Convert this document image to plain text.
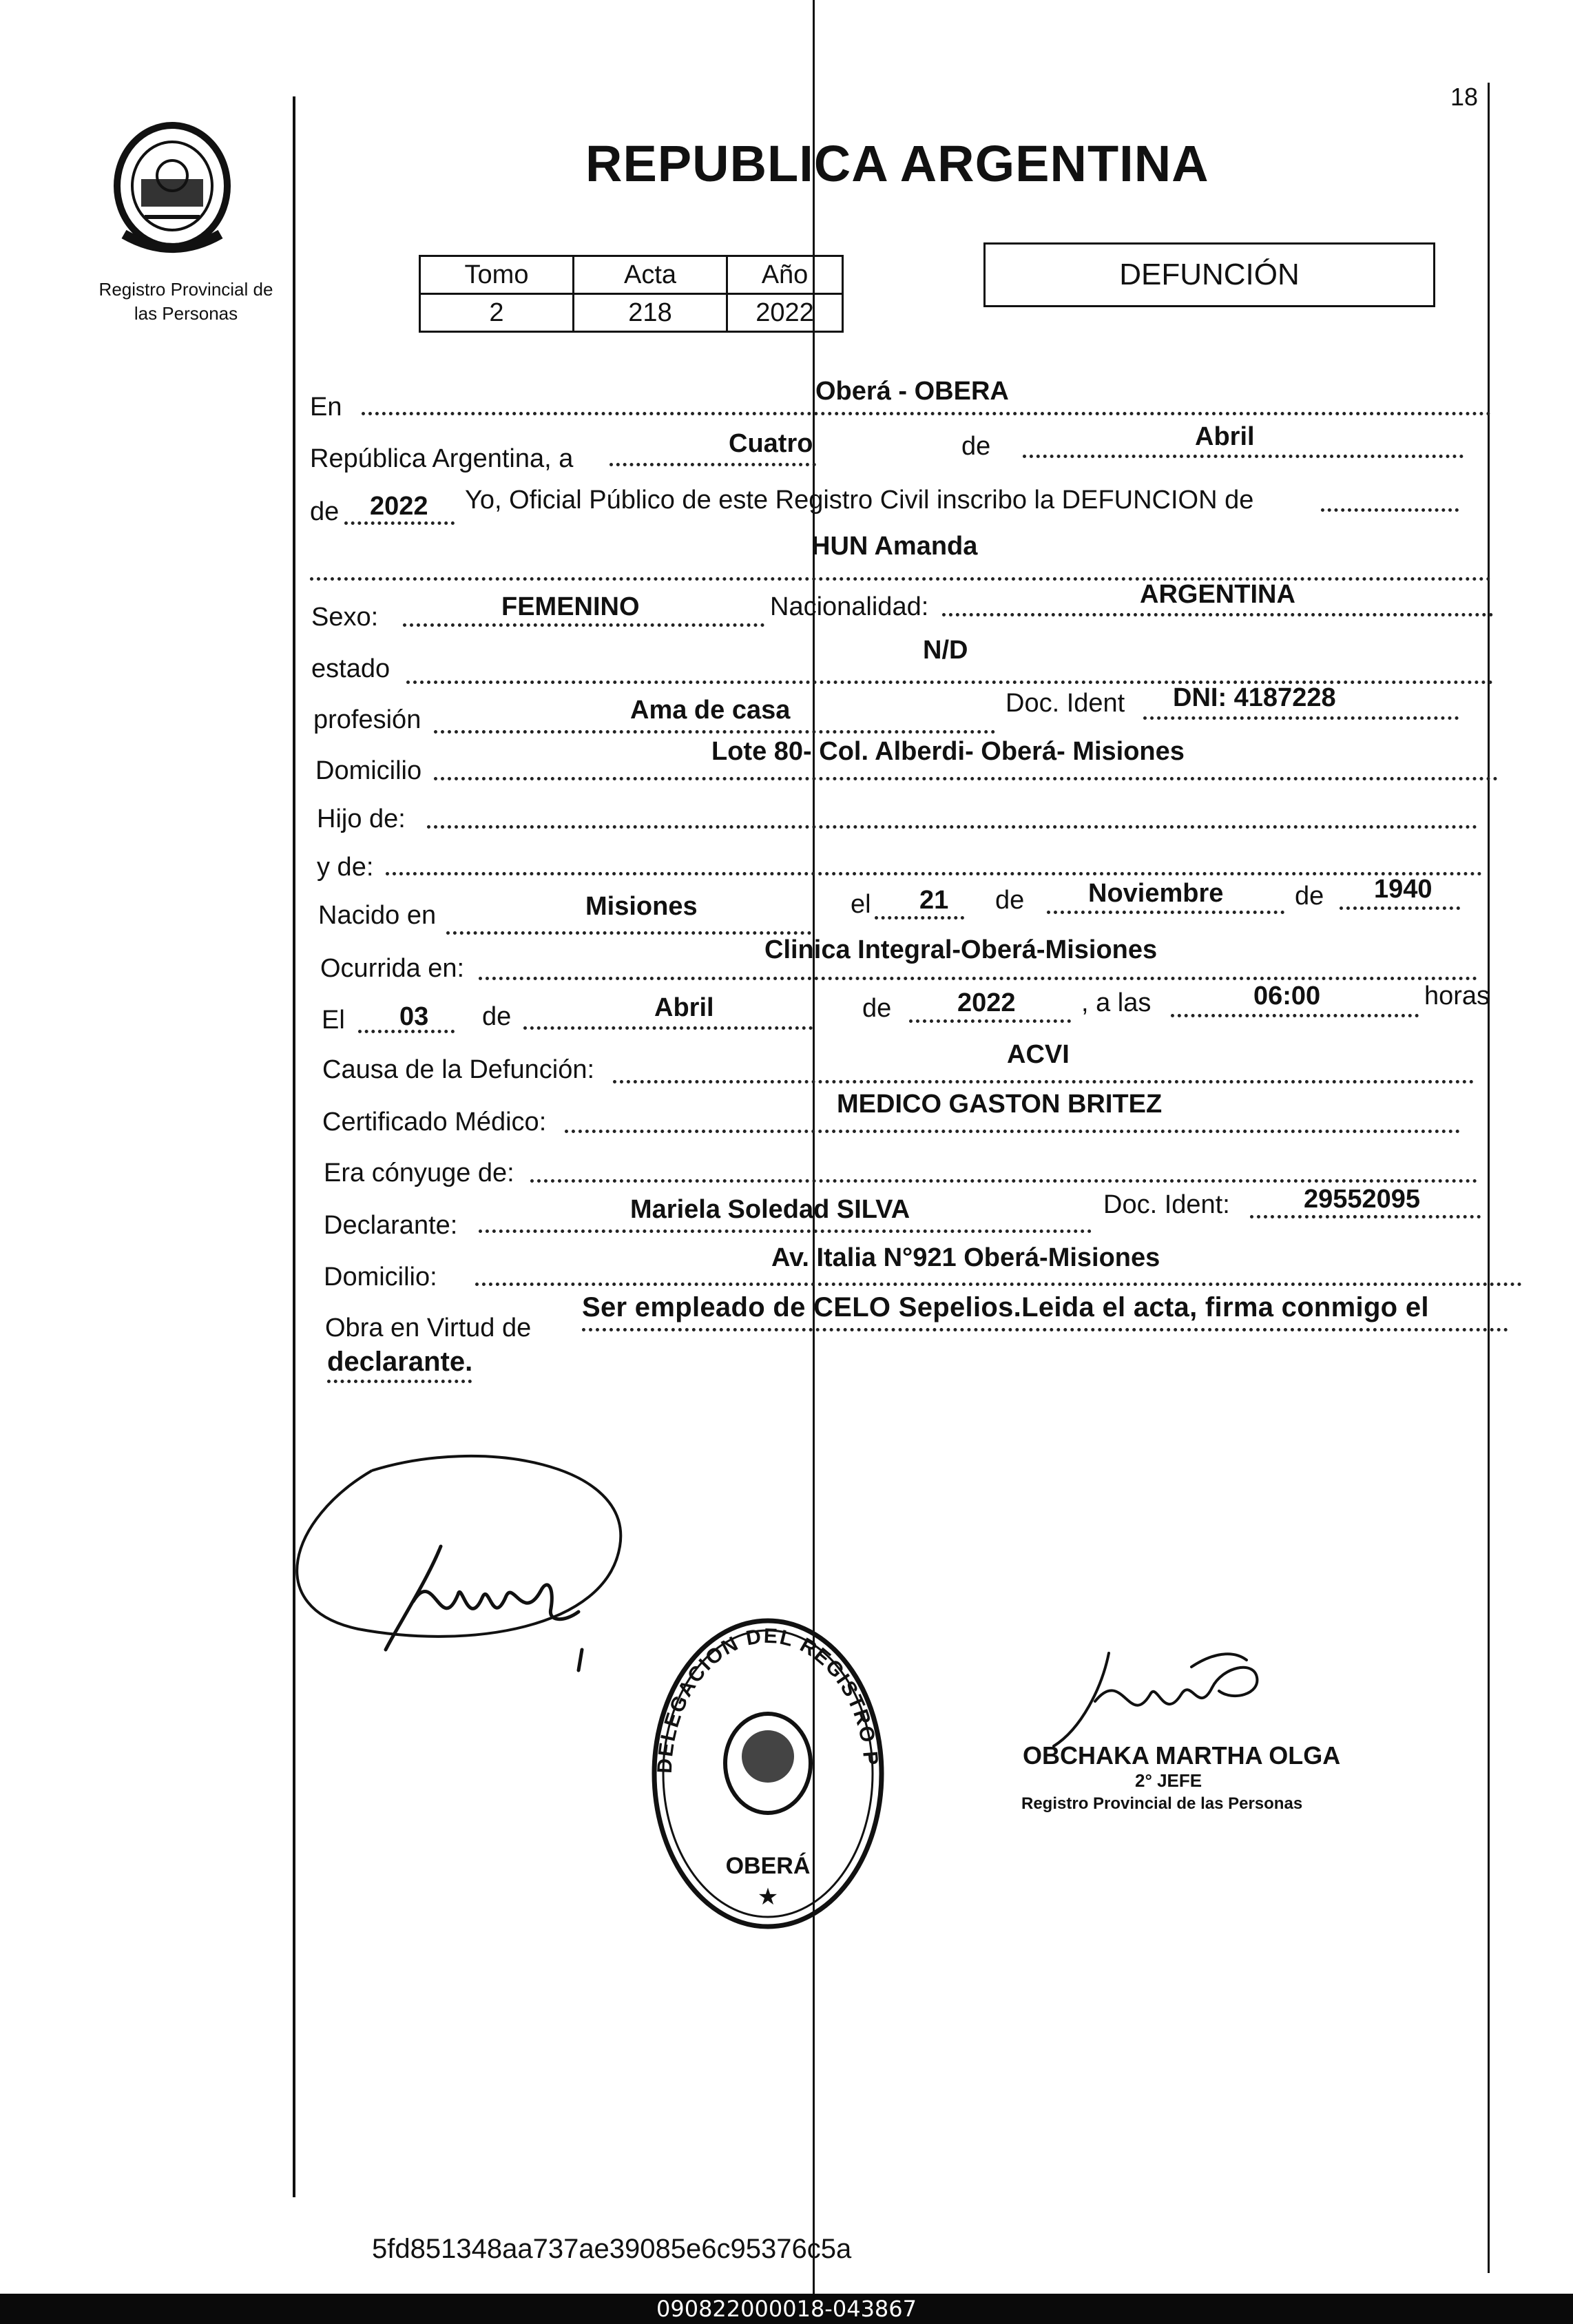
18
Registro Provincial de
las Personas
REPUBLICA ARGENTINA
Tomo	Acta	Año
2	218	2022
DEFUNCIÓN
En
Oberá - OBERA
República Argentina, a
Cuatro	de	Abril
de 2022 Yo, Oficial Público de este Registro Civil inscribo la DEFUNCION de
HUN Amanda
Sexo:	FEMENINO	Nacionalidad:	ARGENTINA
estado
N/D
profesión	Ama de casa	Doc. Ident DNI: 4187228
Domicilio
Lote 80- Col. Alberdi- Oberá- Misiones
Hijo de:
y de:
Nacido en	Misiones	el 21 de Noviembre	de 1940
Ocurrida en:
Clinica Integral-Oberá-Misiones
El 03 de	Abril	de	2022	, a las	06:00	horas
Causa de la Defunción:
ACVI
Certificado Médico:
MEDICO GASTON BRITEZ
Era cónyuge de:
Declarante:
Mariela Soledad SILVA	Doc. Ident:	29552095
Domicilio:
Av. Italia N°921 Oberá-Misiones
Obra en Virtud de
Ser empleado de CELO Sepelios.Leida el acta, firma conmigo el
declarante.
DELEGACION DEL REGISTRO P
OBERÁ
★
OBCHAKA MARTHA OLGA
2° JEFE
Registro Provincial de las Personas
5fd851348aa737ae39085e6c95376c5a
090822000018-043867
